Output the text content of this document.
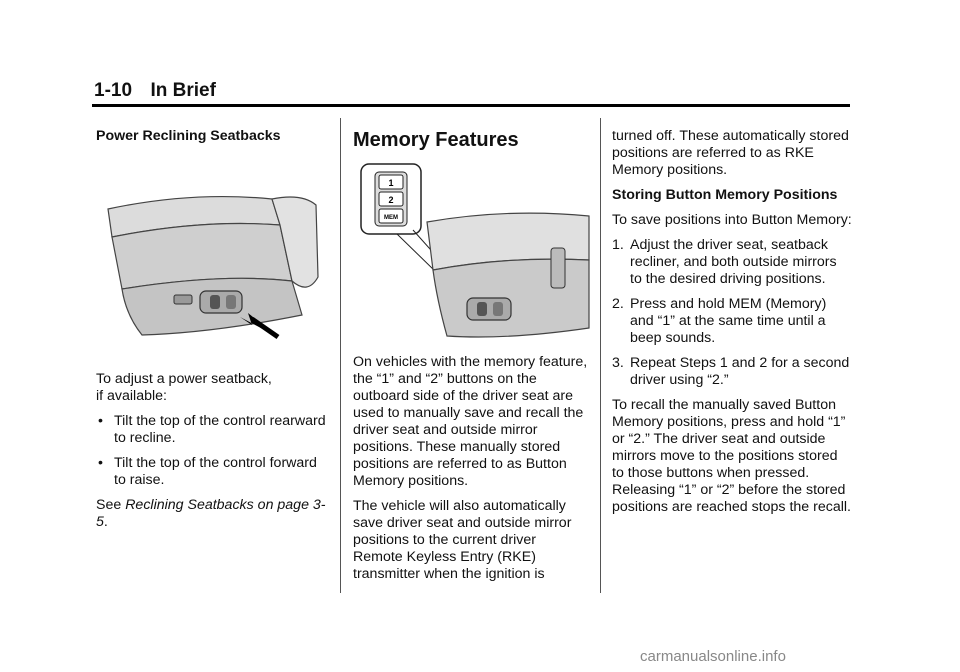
1-10 In Brief

Power Reclining Seatbacks

To adjust a power seatback,
if available:

• Tilt the top of the control rearward to recline.

• Tilt the top of the control forward to raise.

See Reclining Seatbacks on page 3-5.

Memory Features

1
2
MEM

On vehicles with the memory feature, the “1” and “2” buttons on the outboard side of the driver seat are used to manually save and recall the driver seat and outside mirror positions. These manually stored positions are referred to as Button Memory positions.

The vehicle will also automatically save driver seat and outside mirror positions to the current driver Remote Keyless Entry (RKE) transmitter when the ignition is

turned off. These automatically stored positions are referred to as RKE Memory positions.

Storing Button Memory Positions

To save positions into Button Memory:

1. Adjust the driver seat, seatback recliner, and both outside mirrors to the desired driving positions.

2. Press and hold MEM (Memory) and “1” at the same time until a beep sounds.

3. Repeat Steps 1 and 2 for a second driver using “2.”

To recall the manually saved Button Memory positions, press and hold “1” or “2.” The driver seat and outside mirrors move to the positions stored to those buttons when pressed. Releasing “1” or “2” before the stored positions are reached stops the recall.

carmanualsonline.info
